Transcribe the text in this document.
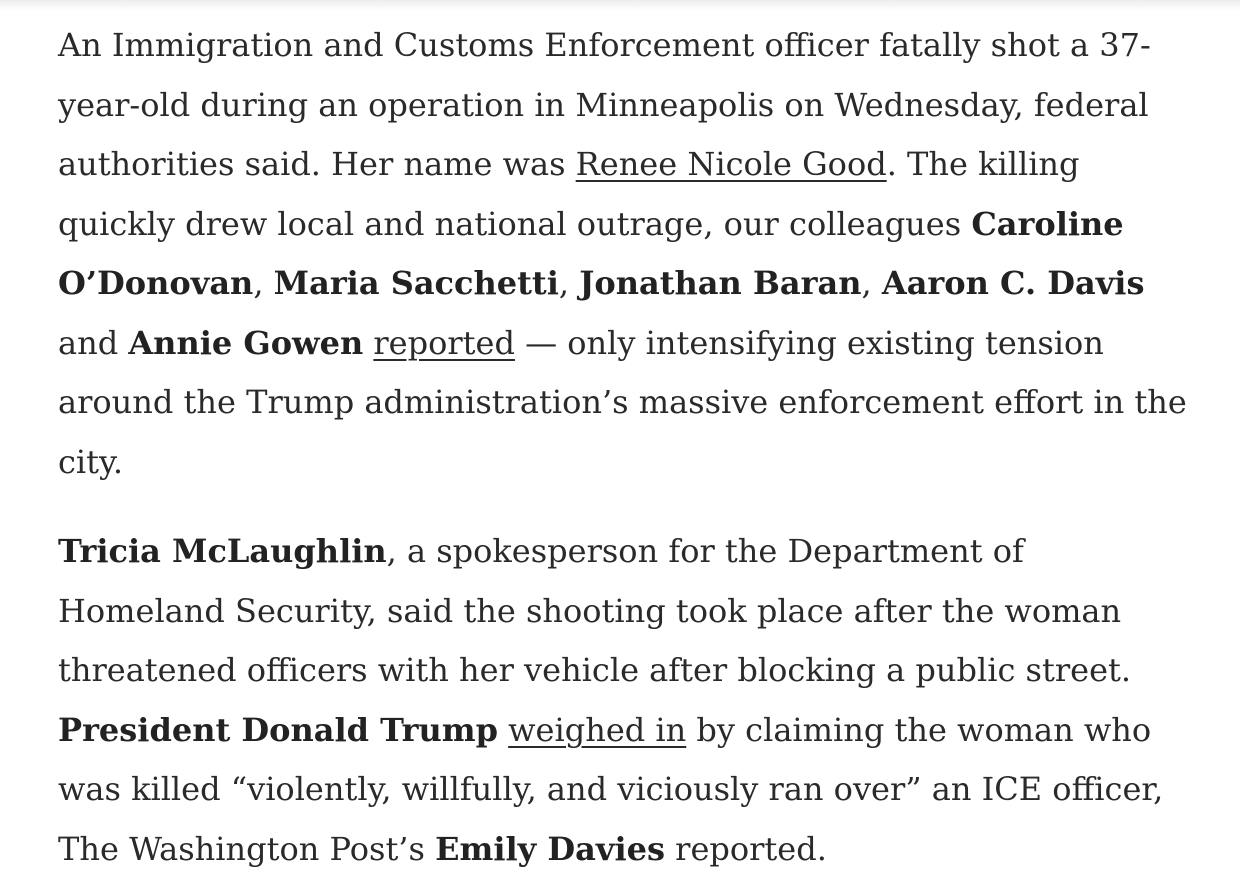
An Immigration and Customs Enforcement officer fatally shot a 37-year-old during an operation in Minneapolis on Wednesday, federal authorities said. Her name was Renee Nicole Good. The killing quickly drew local and national outrage, our colleagues Caroline O’Donovan, Maria Sacchetti, Jonathan Baran, Aaron C. Davis and Annie Gowen reported — only intensifying existing tension around the Trump administration’s massive enforcement effort in the city.

Tricia McLaughlin, a spokesperson for the Department of Homeland Security, said the shooting took place after the woman threatened officers with her vehicle after blocking a public street. President Donald Trump weighed in by claiming the woman who was killed “violently, willfully, and viciously ran over” an ICE officer, The Washington Post’s Emily Davies reported.
